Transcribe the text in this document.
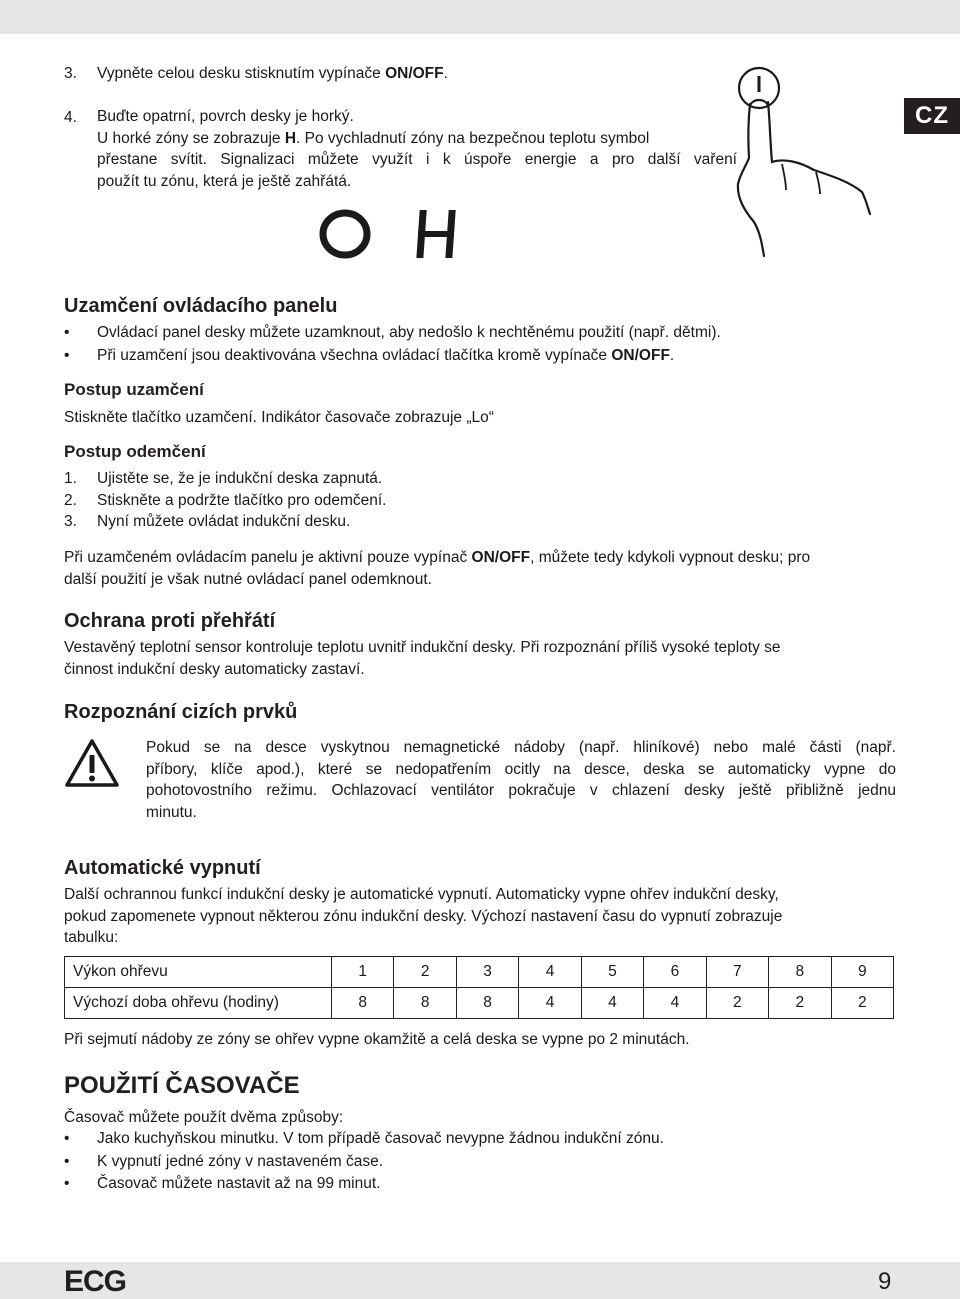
CZ
3. Vypněte celou desku stisknutím vypínače ON/OFF.
4. Buďte opatrní, povrch desky je horký.
U horké zóny se zobrazuje H. Po vychladnutí zóny na bezpečnou teplotu symbol
přestane svítit. Signalizaci můžete využít i k úspoře energie a pro další vaření
použít tu zónu, která je ještě zahřátá.
Uzamčení ovládacího panelu
• Ovládací panel desky můžete uzamknout, aby nedošlo k nechtěnému použití (např. dětmi).
• Při uzamčení jsou deaktivována všechna ovládací tlačítka kromě vypínače ON/OFF.
Postup uzamčení
Stiskněte tlačítko uzamčení. Indikátor časovače zobrazuje „Lo“
Postup odemčení
1. Ujistěte se, že je indukční deska zapnutá.
2. Stiskněte a podržte tlačítko pro odemčení.
3. Nyní můžete ovládat indukční desku.
Při uzamčeném ovládacím panelu je aktivní pouze vypínač ON/OFF, můžete tedy kdykoli vypnout desku; pro
další použití je však nutné ovládací panel odemknout.
Ochrana proti přehřátí
Vestavěný teplotní sensor kontroluje teplotu uvnitř indukční desky. Při rozpoznání příliš vysoké teploty se
činnost indukční desky automaticky zastaví.
Rozpoznání cizích prvků
Pokud se na desce vyskytnou nemagnetické nádoby (např. hliníkové) nebo malé části (např.
příbory, klíče apod.), které se nedopatřením ocitly na desce, deska se automaticky vypne do
pohotovostního režimu. Ochlazovací ventilátor pokračuje v chlazení desky ještě přibližně jednu
minutu.
Automatické vypnutí
Další ochrannou funkcí indukční desky je automatické vypnutí. Automaticky vypne ohřev indukční desky,
pokud zapomenete vypnout některou zónu indukční desky. Výchozí nastavení času do vypnutí zobrazuje
tabulku:
Výkon ohřevu	1	2	3	4	5	6	7	8	9
Výchozí doba ohřevu (hodiny)	8	8	8	4	4	4	2	2	2
Při sejmutí nádoby ze zóny se ohřev vypne okamžitě a celá deska se vypne po 2 minutách.
POUŽITÍ ČASOVAČE
Časovač můžete použít dvěma způsoby:
• Jako kuchyňskou minutku. V tom případě časovač nevypne žádnou indukční zónu.
• K vypnutí jedné zóny v nastaveném čase.
• Časovač můžete nastavit až na 99 minut.
ECG	9
